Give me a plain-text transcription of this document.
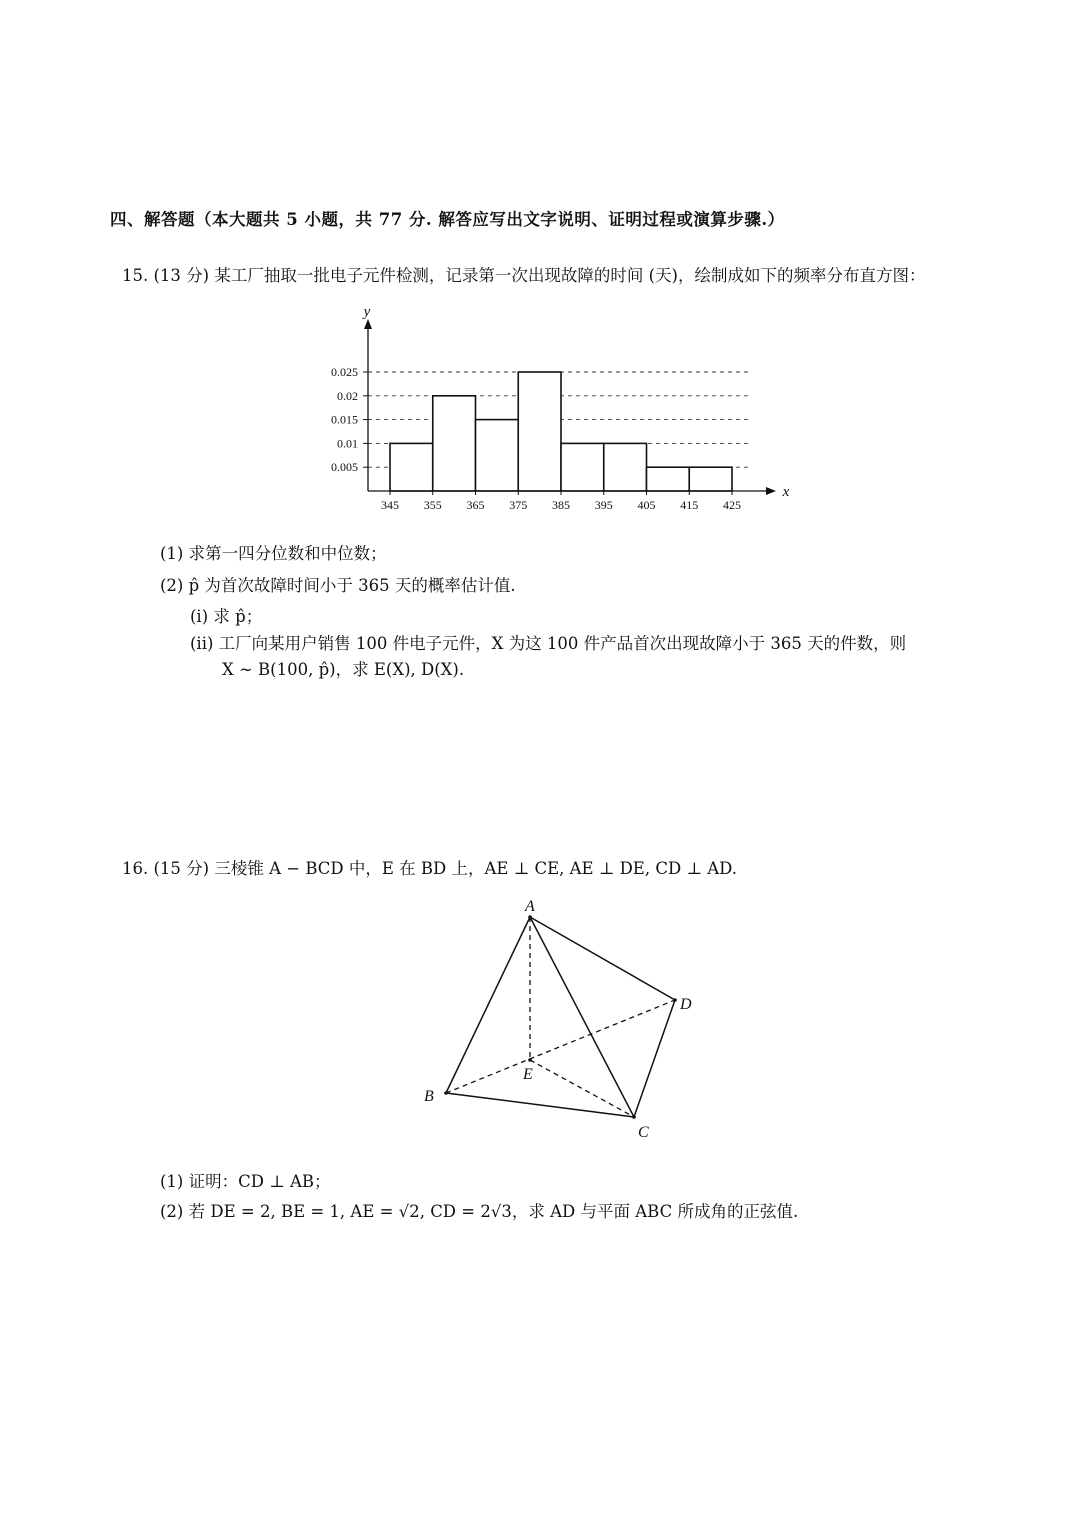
四、解答题（本大题共 5 小题，共 77 分. 解答应写出文字说明、证明过程或演算步骤.）
15. (13 分) 某工厂抽取一批电子元件检测，记录第一次出现故障的时间 (天)，绘制成如下的频率分布直方图：
y
x
0.005
0.01
0.015
0.02
0.025
345 355 365 375 385 395 405 415 425
(1) 求第一四分位数和中位数；
(2) p̂ 为首次故障时间小于 365 天的概率估计值.
(i) 求 p̂；
(ii) 工厂向某用户销售 100 件电子元件，X 为这 100 件产品首次出现故障小于 365 天的件数，则
X ∼ B(100, p̂)，求 E(X), D(X).
16. (15 分) 三棱锥 A − BCD 中，E 在 BD 上，AE ⊥ CE, AE ⊥ DE, CD ⊥ AD.
A
B
C
D
E
(1) 证明：CD ⊥ AB；
(2) 若 DE = 2, BE = 1, AE = √2, CD = 2√3，求 AD 与平面 ABC 所成角的正弦值.
